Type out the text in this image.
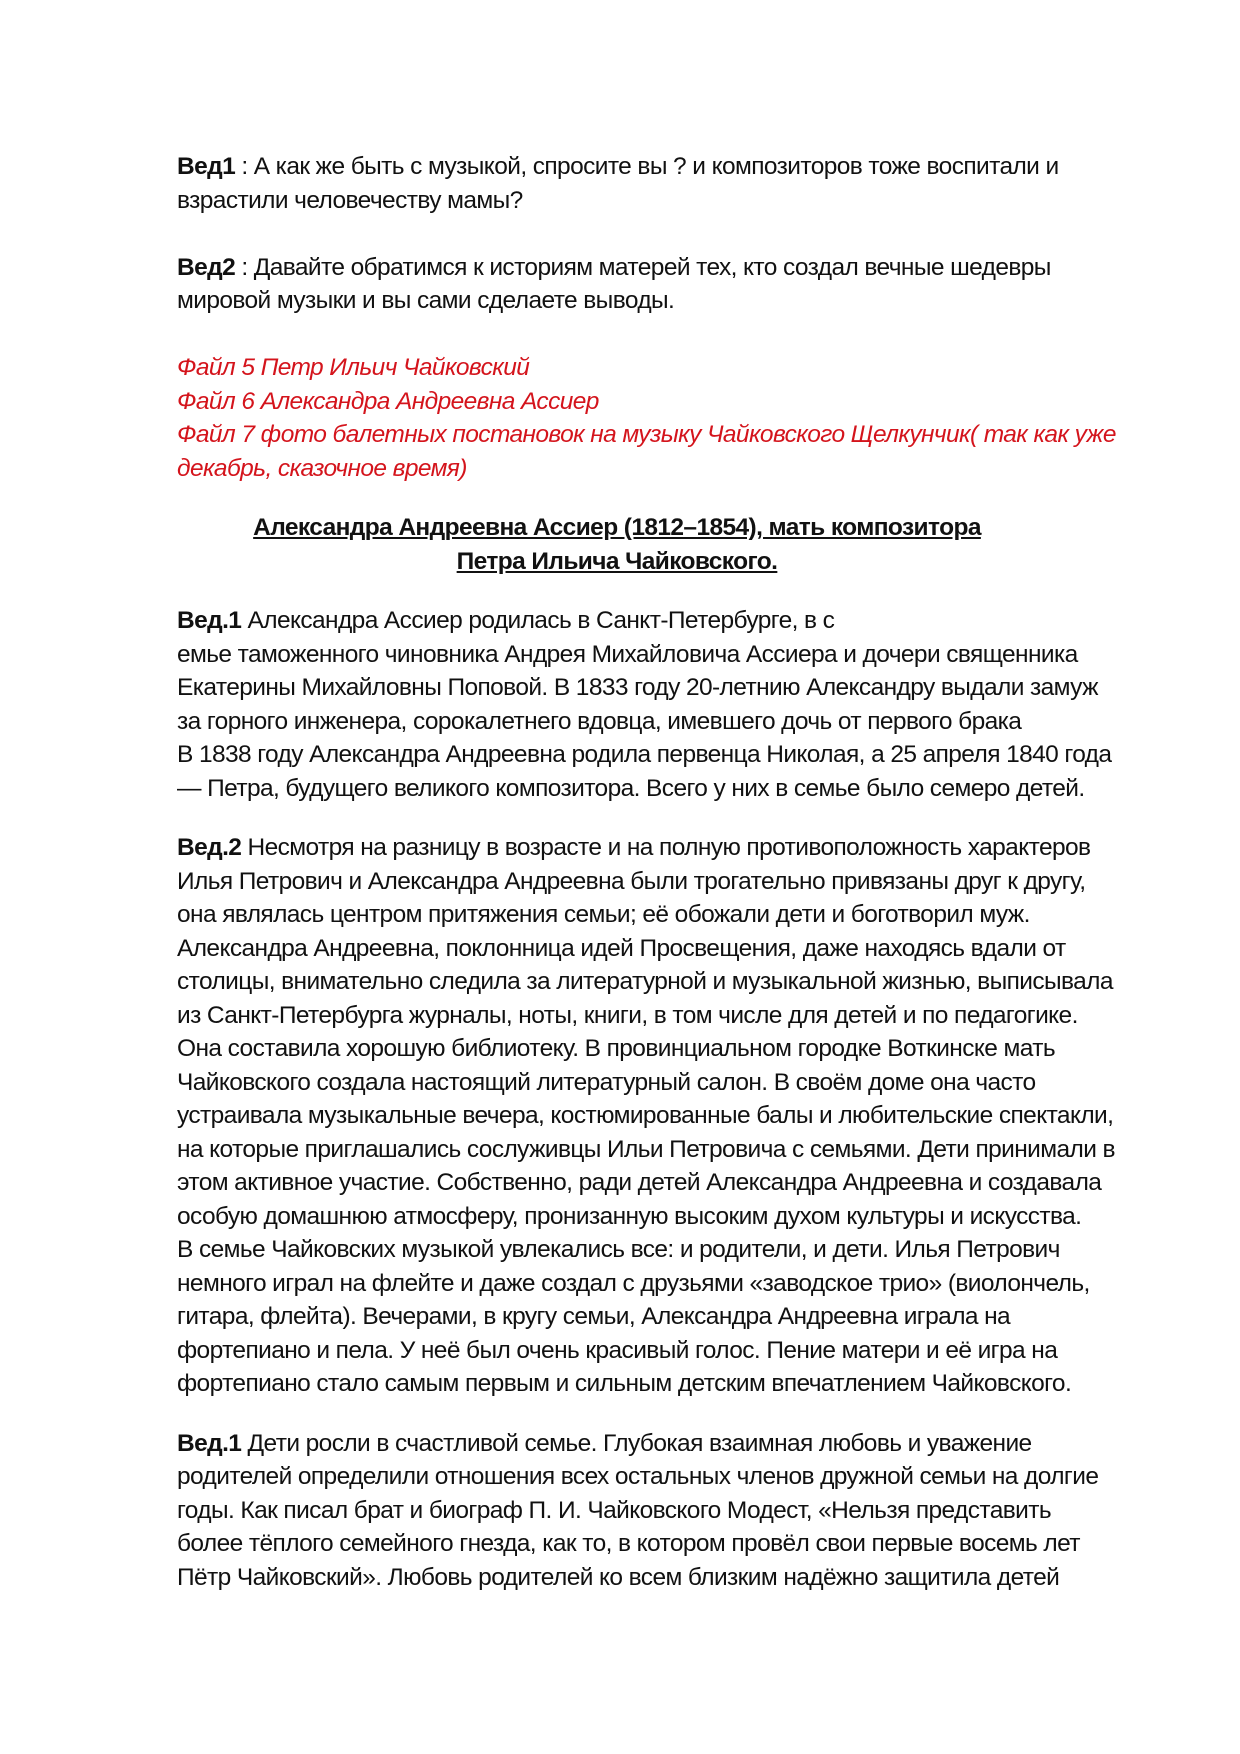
Вед1 : А как же быть с музыкой, спросите вы ? и композиторов тоже воспитали и
взрастили человечеству мамы?

Вед2 : Давайте обратимся к историям матерей тех, кто создал вечные шедевры
мировой музыки и вы сами сделаете выводы.

Файл 5 Петр Ильич Чайковский
Файл 6 Александра Андреевна Ассиер
Файл 7 фото балетных постановок на музыку Чайковского Щелкунчик( так как уже
декабрь, сказочное время)

Александра Андреевна Ассиер (1812–1854), мать композитора
Петра Ильича Чайковского.

Вед.1 Александра Ассиер родилась в Санкт-Петербурге, в с
емье таможенного чиновника Андрея Михайловича Ассиера и дочери священника
Екатерины Михайловны Поповой. В 1833 году 20-летнию Александру выдали замуж
за горного инженера, сорокалетнего вдовца, имевшего дочь от первого брака
В 1838 году Александра Андреевна родила первенца Николая, а 25 апреля 1840 года
— Петра, будущего великого композитора. Всего у них в семье было семеро детей.

Вед.2 Несмотря на разницу в возрасте и на полную противоположность характеров
Илья Петрович и Александра Андреевна были трогательно привязаны друг к другу,
она являлась центром притяжения семьи; её обожали дети и боготворил муж.
Александра Андреевна, поклонница идей Просвещения, даже находясь вдали от
столицы, внимательно следила за литературной и музыкальной жизнью, выписывала
из Санкт-Петербурга журналы, ноты, книги, в том числе для детей и по педагогике.
Она составила хорошую библиотеку. В провинциальном городке Воткинске мать
Чайковского создала настоящий литературный салон. В своём доме она часто
устраивала музыкальные вечера, костюмированные балы и любительские спектакли,
на которые приглашались сослуживцы Ильи Петровича с семьями. Дети принимали в
этом активное участие. Собственно, ради детей Александра Андреевна и создавала
особую домашнюю атмосферу, пронизанную высоким духом культуры и искусства.
В семье Чайковских музыкой увлекались все: и родители, и дети. Илья Петрович
немного играл на флейте и даже создал с друзьями «заводское трио» (виолончель,
гитара, флейта). Вечерами, в кругу семьи, Александра Андреевна играла на
фортепиано и пела. У неё был очень красивый голос. Пение матери и её игра на
фортепиано стало самым первым и сильным детским впечатлением Чайковского.

Вед.1 Дети росли в счастливой семье. Глубокая взаимная любовь и уважение
родителей определили отношения всех остальных членов дружной семьи на долгие
годы. Как писал брат и биограф П. И. Чайковского Модест, «Нельзя представить
более тёплого семейного гнезда, как то, в котором провёл свои первые восемь лет
Пётр Чайковский». Любовь родителей ко всем близким надёжно защитила детей
